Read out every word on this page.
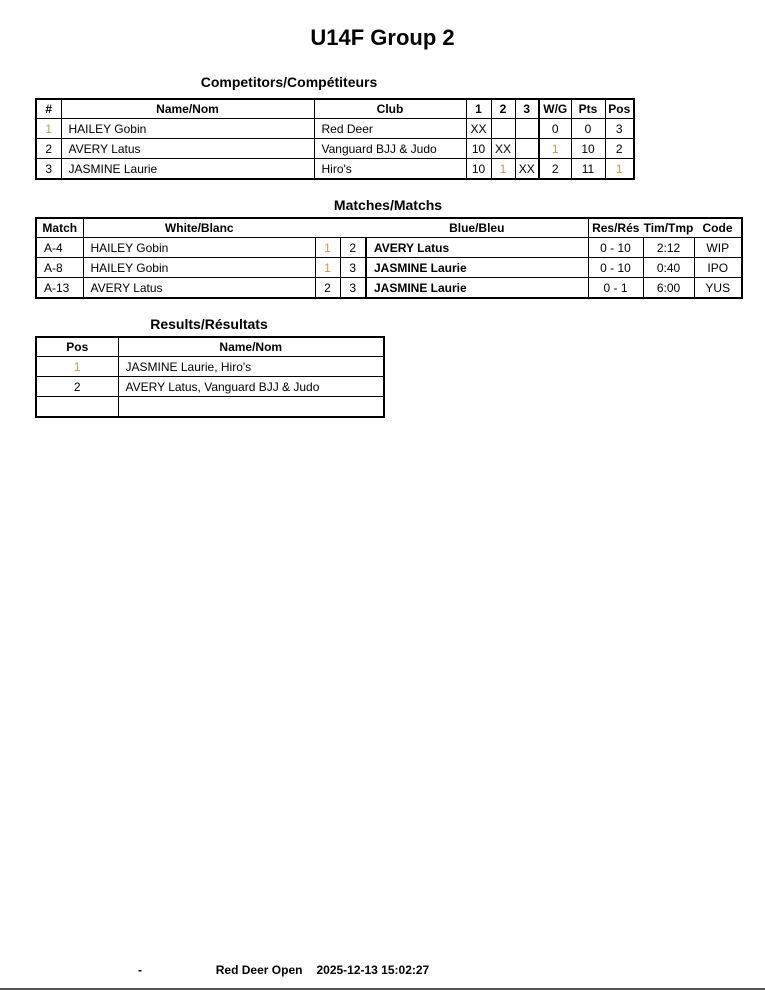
U14F Group 2
Competitors/Compétiteurs
#	Name/Nom	Club	1	2	3	W/G	Pts	Pos
1	HAILEY Gobin	Red Deer	XX			0	0	3
2	AVERY Latus	Vanguard BJJ & Judo	10	XX		1	10	2
3	JASMINE Laurie	Hiro's	10	1	XX	2	11	1
Matches/Matchs
Match	White/Blanc			Blue/Bleu	Res/Rés	Tim/Tmp	Code
A-4	HAILEY Gobin	1	2	AVERY Latus	0 - 10	2:12	WIP
A-8	HAILEY Gobin	1	3	JASMINE Laurie	0 - 10	0:40	IPO
A-13	AVERY Latus	2	3	JASMINE Laurie	0 - 1	6:00	YUS
Results/Résultats
Pos	Name/Nom
1	JASMINE Laurie, Hiro's
2	AVERY Latus, Vanguard BJJ & Judo

-	Red Deer Open 2025-12-13 15:02:27
